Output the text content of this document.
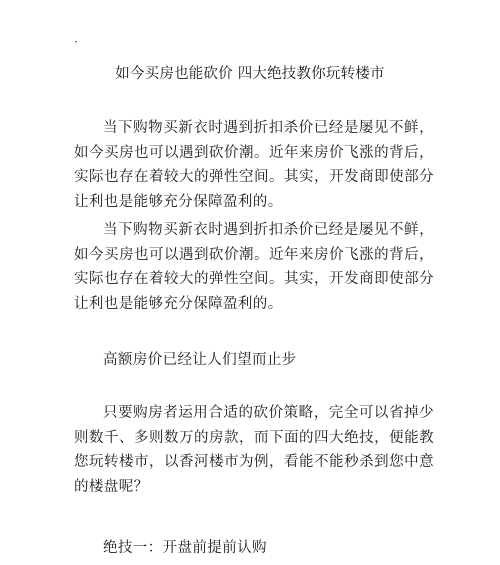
·
如今买房也能砍价 四大绝技教你玩转楼市

当下购物买新衣时遇到折扣杀价已经是屡见不鲜，如今买房也可以遇到砍价潮。近年来房价飞涨的背后，实际也存在着较大的弹性空间。其实，开发商即使部分让利也是能够充分保障盈利的。

当下购物买新衣时遇到折扣杀价已经是屡见不鲜，如今买房也可以遇到砍价潮。近年来房价飞涨的背后，实际也存在着较大的弹性空间。其实，开发商即使部分让利也是能够充分保障盈利的。

高额房价已经让人们望而止步

只要购房者运用合适的砍价策略，完全可以省掉少则数千、多则数万的房款，而下面的四大绝技，便能教您玩转楼市，以香河楼市为例，看能不能秒杀到您中意的楼盘呢？

绝技一：开盘前提前认购
